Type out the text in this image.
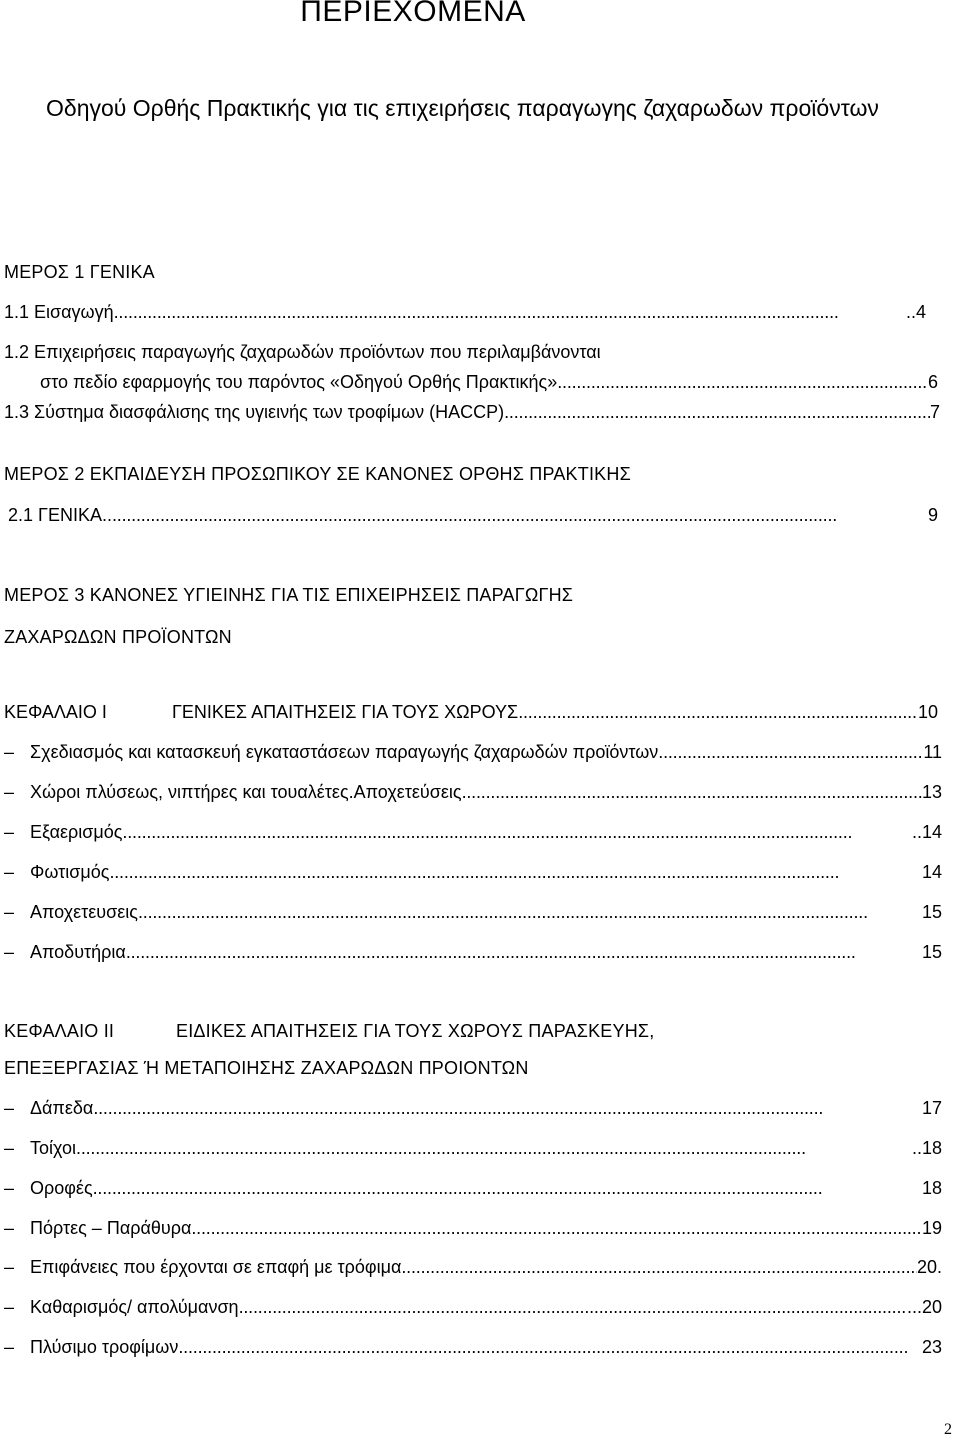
ΠΕΡΙΕΧΟΜΕΝΑ
Οδηγού Ορθής Πρακτικής για τις επιχειρήσεις παραγωγης ζαχαρωδων προϊόντων
ΜΕΡΟΣ 1 ΓΕΝΙΚΑ
1.1 Εισαγωγή . . .	..4
1.2 Επιχειρήσεις παραγωγής ζαχαρωδών προϊόντων που περιλαμβάνονται
στο πεδίο εφαρμογής του παρόντος «Οδηγού Ορθής Πρακτικής» . . .	6
1.3 Σύστημα διασφάλισης της υγιεινής των τροφίμων (HACCP) . . .	7
ΜΕΡΟΣ 2 ΕΚΠΑΙΔΕΥΣΗ ΠΡΟΣΩΠΙΚΟΥ ΣΕ ΚΑΝΟΝΕΣ ΟΡΘΗΣ ΠΡΑΚΤΙΚΗΣ
2.1 ΓΕΝΙΚΑ.. . . .	9
ΜΕΡΟΣ 3 ΚΑΝΟΝΕΣ ΥΓΙΕΙΝΗΣ ΓΙΑ ΤΙΣ ΕΠΙΧΕΙΡΗΣΕΙΣ ΠΑΡΑΓΩΓΗΣ
ΖΑΧΑΡΩΔΩΝ ΠΡΟΪΟΝΤΩΝ
ΚΕΦΑΛΑΙΟ Ι	ΓΕΝΙΚΕΣ ΑΠΑΙΤΗΣΕΙΣ ΓΙΑ ΤΟΥΣ ΧΩΡΟΥΣ . . .	10
– Σχεδιασμός και κατασκευή εγκαταστάσεων παραγωγής ζαχαρωδών προϊόντων . . .	11
– Χώροι πλύσεως, νιπτήρες και τουαλέτες.Αποχετεύσεις . . .	13
– Εξαερισμός . . .	..14
– Φωτισμός . . .	14
– Αποχετευσεις . . .	15
– Αποδυτήρια . . .	15
ΚΕΦΑΛΑΙΟ ΙΙ	ΕΙΔΙΚΕΣ ΑΠΑΙΤΗΣΕΙΣ ΓΙΑ ΤΟΥΣ ΧΩΡΟΥΣ ΠΑΡΑΣΚΕΥΗΣ,
ΕΠΕΞΕΡΓΑΣΙΑΣ Ή ΜΕΤΑΠΟΙΗΣΗΣ ΖΑΧΑΡΩΔΩΝ ΠΡΟΙΟΝΤΩΝ
– Δάπεδα . . .	17
– Τοίχοι . . .	..18
– Οροφές . . .	18
– Πόρτες – Παράθυρα . . .	19
– Επιφάνειες που έρχονται σε επαφή με τρόφιμα . . .	20.
– Καθαρισμός/ απολύμανση . . .	...20
– Πλύσιμο τροφίμων . . .	23
2
